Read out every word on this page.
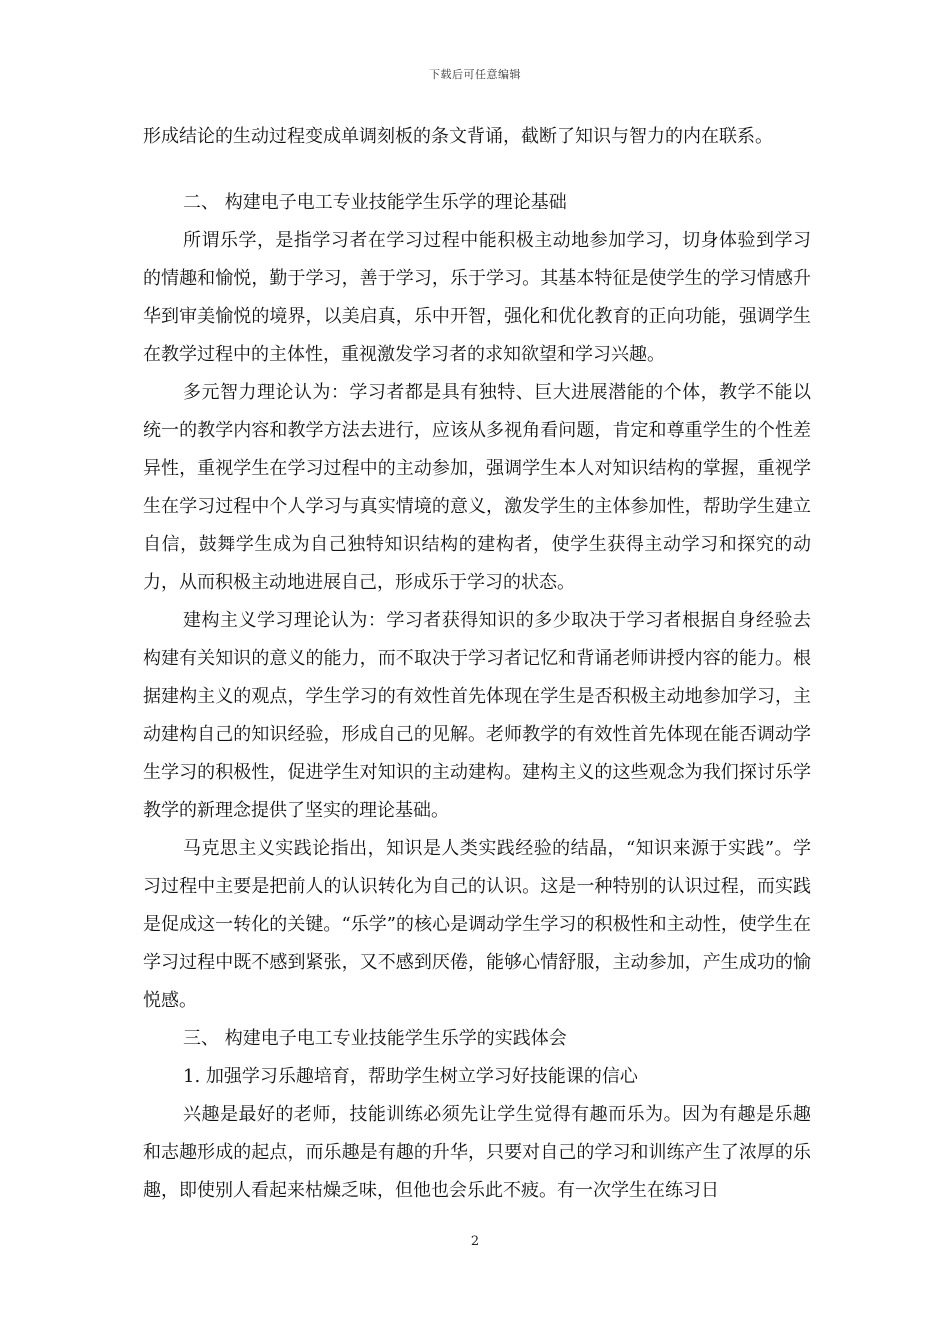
下载后可任意编辑

形成结论的生动过程变成单调刻板的条文背诵，截断了知识与智力的内在联系。

二、 构建电子电工专业技能学生乐学的理论基础

所谓乐学，是指学习者在学习过程中能积极主动地参加学习，切身体验到学习的情趣和愉悦，勤于学习，善于学习，乐于学习。其基本特征是使学生的学习情感升华到审美愉悦的境界，以美启真，乐中开智，强化和优化教育的正向功能，强调学生在教学过程中的主体性，重视激发学习者的求知欲望和学习兴趣。

多元智力理论认为：学习者都是具有独特、巨大进展潜能的个体，教学不能以统一的教学内容和教学方法去进行，应该从多视角看问题，肯定和尊重学生的个性差异性，重视学生在学习过程中的主动参加，强调学生本人对知识结构的掌握，重视学生在学习过程中个人学习与真实情境的意义，激发学生的主体参加性，帮助学生建立自信，鼓舞学生成为自己独特知识结构的建构者，使学生获得主动学习和探究的动力，从而积极主动地进展自己，形成乐于学习的状态。

建构主义学习理论认为：学习者获得知识的多少取决于学习者根据自身经验去构建有关知识的意义的能力，而不取决于学习者记忆和背诵老师讲授内容的能力。根据建构主义的观点，学生学习的有效性首先体现在学生是否积极主动地参加学习，主动建构自己的知识经验，形成自己的见解。老师教学的有效性首先体现在能否调动学生学习的积极性，促进学生对知识的主动建构。建构主义的这些观念为我们探讨乐学教学的新理念提供了坚实的理论基础。

马克思主义实践论指出，知识是人类实践经验的结晶，“知识来源于实践”。学习过程中主要是把前人的认识转化为自己的认识。这是一种特别的认识过程，而实践是促成这一转化的关键。“乐学”的核心是调动学生学习的积极性和主动性，使学生在学习过程中既不感到紧张，又不感到厌倦，能够心情舒服，主动参加，产生成功的愉悦感。

三、 构建电子电工专业技能学生乐学的实践体会

1. 加强学习乐趣培育，帮助学生树立学习好技能课的信心

兴趣是最好的老师，技能训练必须先让学生觉得有趣而乐为。因为有趣是乐趣和志趣形成的起点，而乐趣是有趣的升华，只要对自己的学习和训练产生了浓厚的乐趣，即使别人看起来枯燥乏味，但他也会乐此不疲。有一次学生在练习日

2
